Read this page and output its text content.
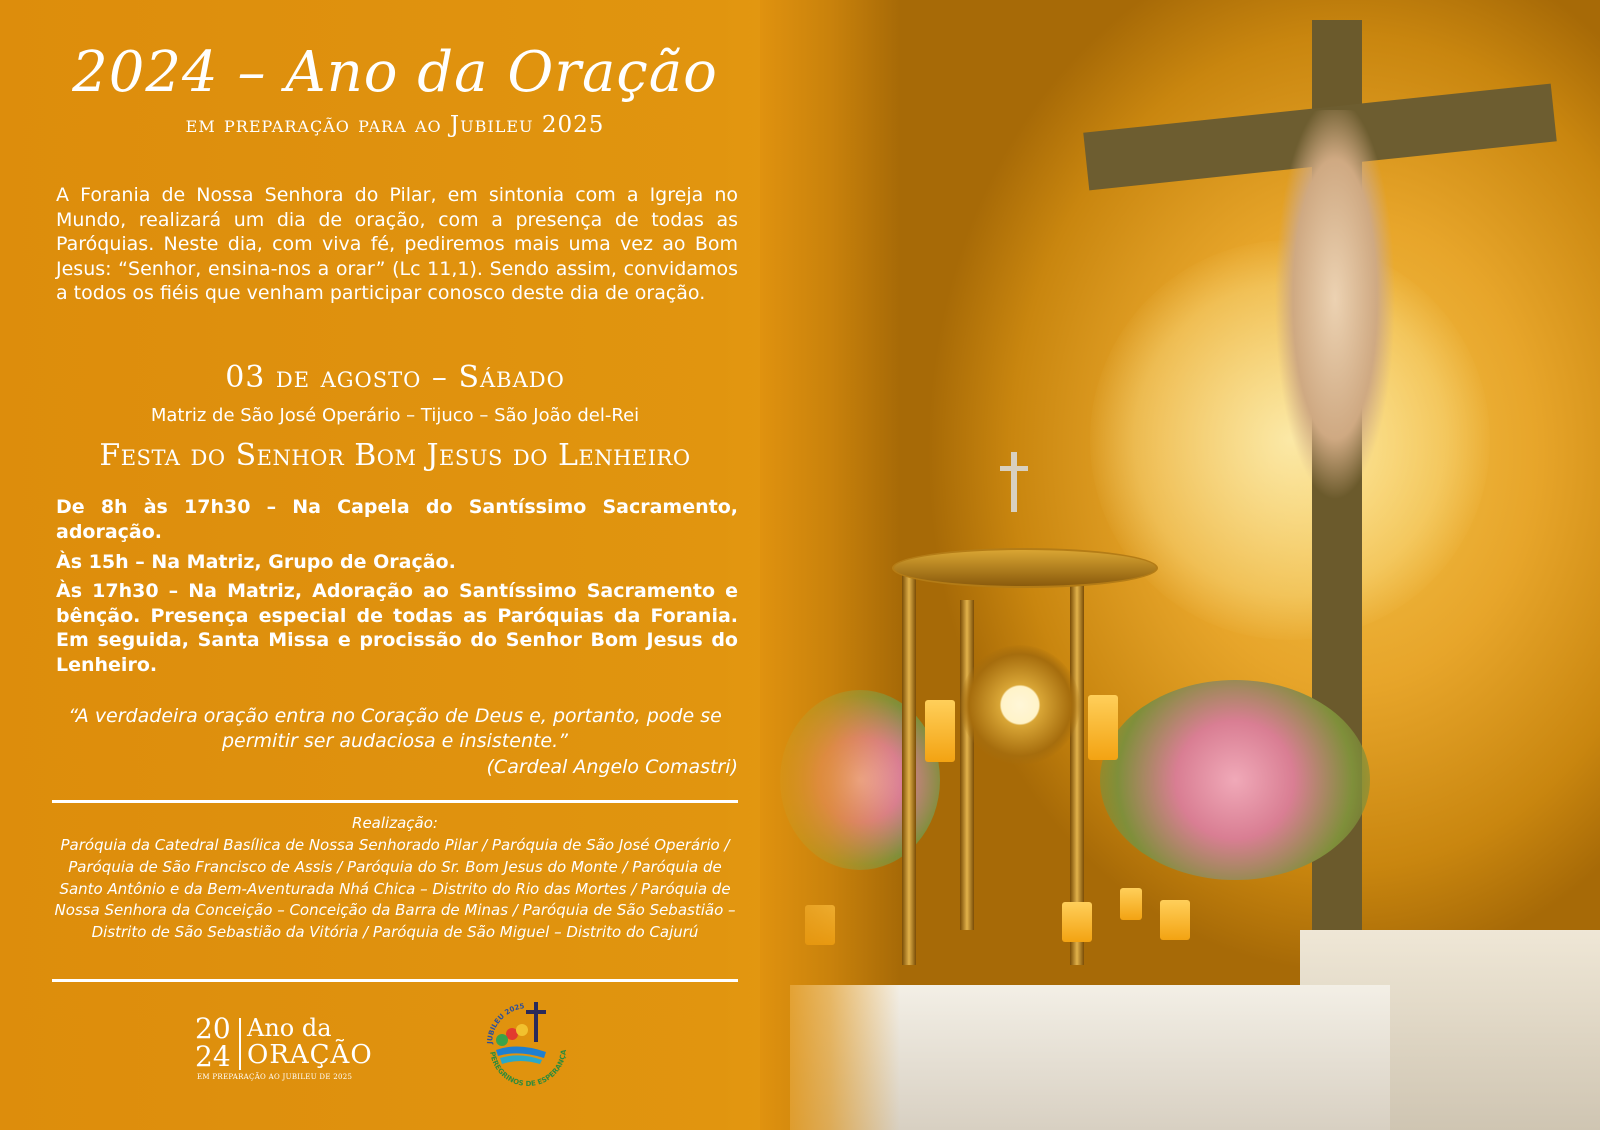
2024 – Ano da Oração
em preparação para ao Jubileu 2025

A Forania de Nossa Senhora do Pilar, em sintonia com a Igreja no Mundo, realizará um dia de oração, com a presença de todas as Paróquias. Neste dia, com viva fé, pediremos mais uma vez ao Bom Jesus: “Senhor, ensina-nos a orar” (Lc 11,1). Sendo assim, convidamos a todos os fiéis que venham participar conosco deste dia de oração.

03 de agosto – Sábado
Matriz de São José Operário – Tijuco – São João del-Rei
Festa do Senhor Bom Jesus do Lenheiro

De 8h às 17h30 – Na Capela do Santíssimo Sacramento, adoração.

Às 15h – Na Matriz, Grupo de Oração.

Às 17h30 – Na Matriz, Adoração ao Santíssimo Sacramento e bênção. Presença especial de todas as Paróquias da Forania. Em seguida, Santa Missa e procissão do Senhor Bom Jesus do Lenheiro.

“A verdadeira oração entra no Coração de Deus e, portanto, pode se permitir ser audaciosa e insistente.”

(Cardeal Angelo Comastri)
Realização:

Paróquia da Catedral Basílica de Nossa Senhorado Pilar / Paróquia de São José Operário / Paróquia de São Francisco de Assis / Paróquia do Sr. Bom Jesus do Monte / Paróquia de Santo Antônio e da Bem-Aventurada Nhá Chica – Distrito do Rio das Mortes / Paróquia de Nossa Senhora da Conceição – Conceição da Barra de Minas / Paróquia de São Sebastião – Distrito de São Sebastião da Vitória / Paróquia de São Miguel – Distrito do Cajurú

20
24
Ano da
ORAÇÃO
EM PREPARAÇÃO AO JUBILEU DE 2025
JUBILEU 2025
PEREGRINOS DE ESPERANÇA
